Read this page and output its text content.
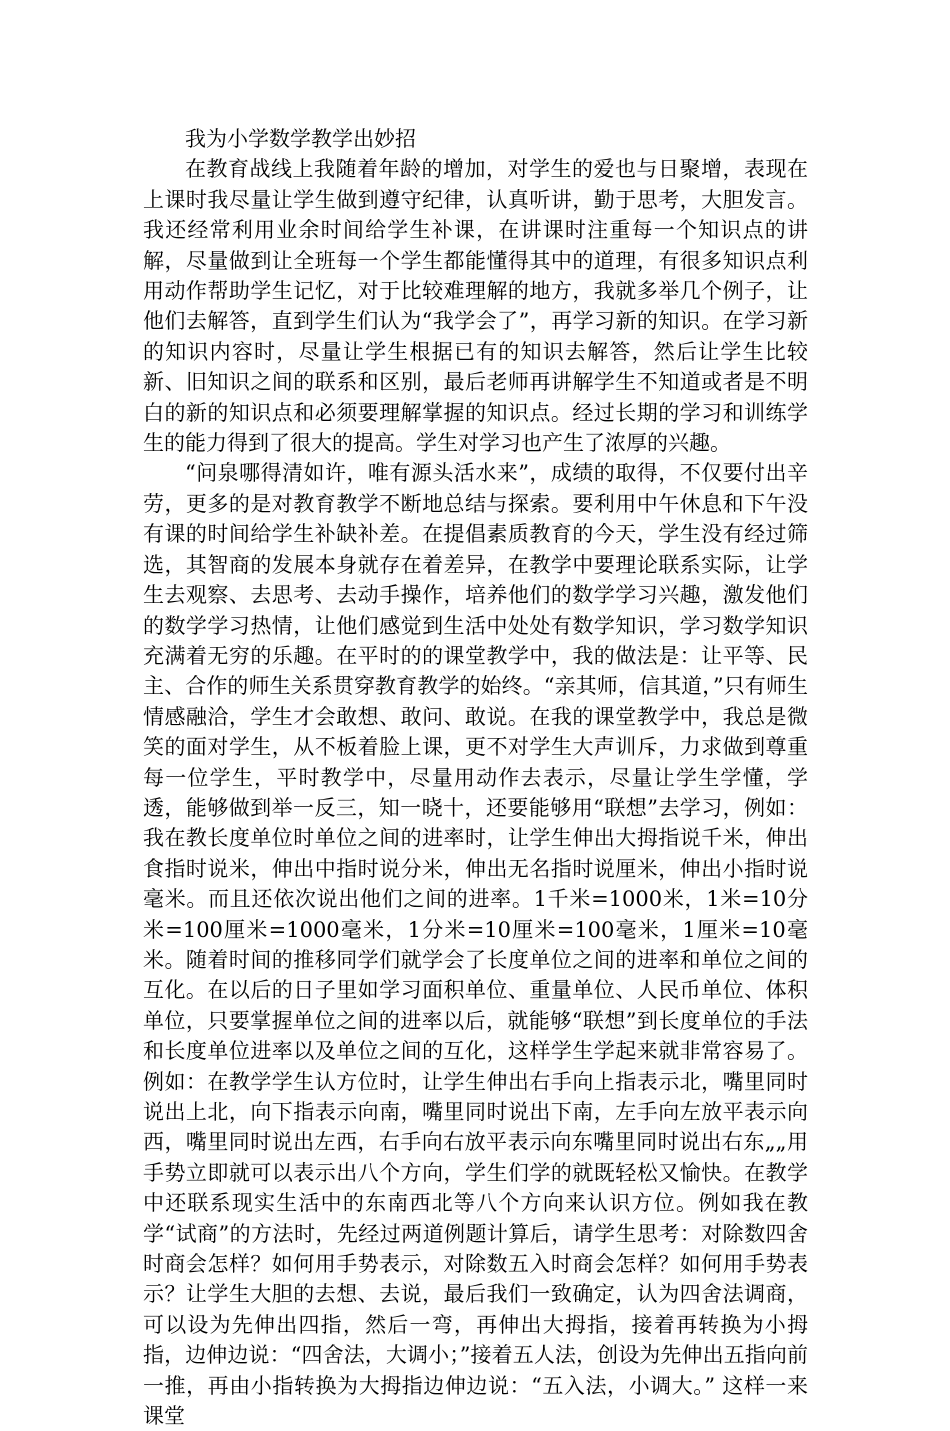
我为小学数学教学出妙招

在教育战线上我随着年龄的增加，对学生的爱也与日聚增，表现在上课时我尽量让学生做到遵守纪律，认真听讲，勤于思考，大胆发言。我还经常利用业余时间给学生补课，在讲课时注重每一个知识点的讲解，尽量做到让全班每一个学生都能懂得其中的道理，有很多知识点利用动作帮助学生记忆，对于比较难理解的地方，我就多举几个例子，让他们去解答，直到学生们认为“我学会了”，再学习新的知识。在学习新的知识内容时，尽量让学生根据已有的知识去解答，然后让学生比较新、旧知识之间的联系和区别，最后老师再讲解学生不知道或者是不明白的新的知识点和必须要理解掌握的知识点。经过长期的学习和训练学生的能力得到了很大的提高。学生对学习也产生了浓厚的兴趣。

“问泉哪得清如许，唯有源头活水来”，成绩的取得，不仅要付出辛劳，更多的是对教育教学不断地总结与探索。要利用中午休息和下午没有课的时间给学生补缺补差。在提倡素质教育的今天，学生没有经过筛选，其智商的发展本身就存在着差异，在教学中要理论联系实际，让学生去观察、去思考、去动手操作，培养他们的数学学习兴趣，激发他们的数学学习热情，让他们感觉到生活中处处有数学知识，学习数学知识充满着无穷的乐趣。在平时的的课堂教学中，我的做法是：让平等、民主、合作的师生关系贯穿教育教学的始终。“亲其师，信其道，”只有师生情感融洽，学生才会敢想、敢问、敢说。在我的课堂教学中，我总是微笑的面对学生，从不板着脸上课，更不对学生大声训斥，力求做到尊重每一位学生，平时教学中，尽量用动作去表示，尽量让学生学懂，学透，能够做到举一反三，知一晓十，还要能够用“联想”去学习，例如：我在教长度单位时单位之间的进率时，让学生伸出大拇指说千米，伸出食指时说米，伸出中指时说分米，伸出无名指时说厘米，伸出小指时说毫米。而且还依次说出他们之间的进率。1千米=1000米，1米=10分米=100厘米=1000毫米，1分米=10厘米=100毫米，1厘米=10毫米。随着时间的推移同学们就学会了长度单位之间的进率和单位之间的互化。在以后的日子里如学习面积单位、重量单位、人民币单位、体积单位，只要掌握单位之间的进率以后，就能够“联想”到长度单位的手法和长度单位进率以及单位之间的互化，这样学生学起来就非常容易了。例如：在教学学生认方位时，让学生伸出右手向上指表示北，嘴里同时说出上北，向下指表示向南，嘴里同时说出下南，左手向左放平表示向西，嘴里同时说出左西，右手向右放平表示向东嘴里同时说出右东„„用手势立即就可以表示出八个方向，学生们学的就既轻松又愉快。在教学中还联系现实生活中的东南西北等八个方向来认识方位。例如我在教学“试商”的方法时，先经过两道例题计算后，请学生思考：对除数四舍时商会怎样？如何用手势表示，对除数五入时商会怎样？如何用手势表示？让学生大胆的去想、去说，最后我们一致确定，认为四舍法调商，可以设为先伸出四指，然后一弯，再伸出大拇指，接着再转换为小拇指，边伸边说：“四舍法，大调小；”接着五人法，创设为先伸出五指向前一推，再由小指转换为大拇指边伸边说：“五入法，小调大。” 这样一来课堂
